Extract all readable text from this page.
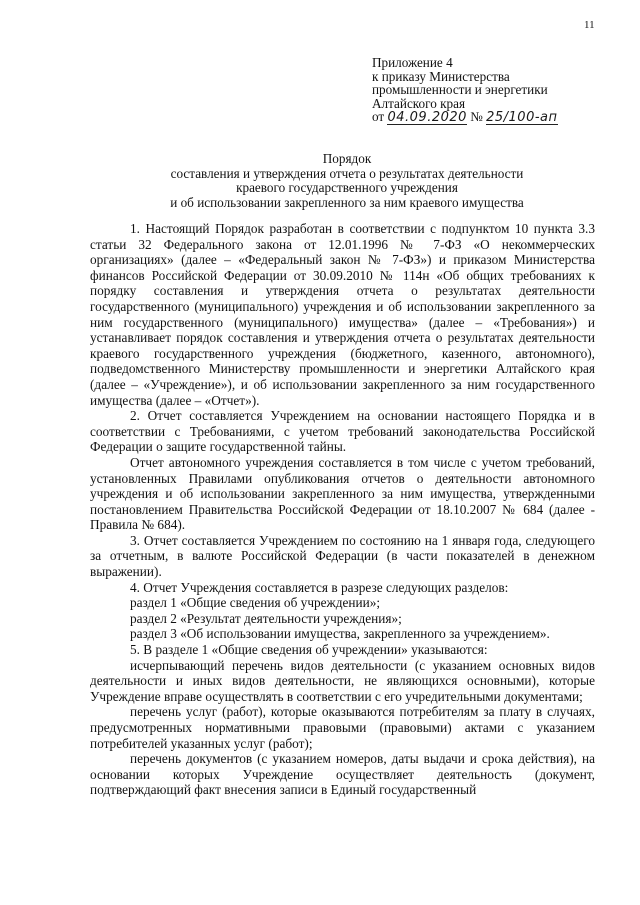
11
Приложение 4
к приказу Министерства
промышленности и энергетики
Алтайского края
от 04.09.2020 № 25/100-ап
Порядок
составления и утверждения отчета о результатах деятельности
краевого государственного учреждения
и об использовании закрепленного за ним краевого имущества

1. Настоящий Порядок разработан в соответствии с подпунктом 10 пункта 3.3 статьи 32 Федерального закона от 12.01.1996 № 7-ФЗ «О некоммерческих организациях» (далее – «Федеральный закон № 7-ФЗ») и приказом Министерства финансов Российской Федерации от 30.09.2010 № 114н «Об общих требованиях к порядку составления и утверждения отчета о результатах деятельности государственного (муниципального) учреждения и об использовании закрепленного за ним государственного (муниципального) имущества» (далее – «Требования») и устанавливает порядок составления и утверждения отчета о результатах деятельности краевого государственного учреждения (бюджетного, казенного, автономного), подведомственного Министерству промышленности и энергетики Алтайского края (далее – «Учреждение»), и об использовании закрепленного за ним государственного имущества (далее – «Отчет»).

2. Отчет составляется Учреждением на основании настоящего Порядка и в соответствии с Требованиями, с учетом требований законодательства Российской Федерации о защите государственной тайны.

Отчет автономного учреждения составляется в том числе с учетом требований, установленных Правилами опубликования отчетов о деятельности автономного учреждения и об использовании закрепленного за ним имущества, утвержденными постановлением Правительства Российской Федерации от 18.10.2007 № 684 (далее - Правила № 684).

3. Отчет составляется Учреждением по состоянию на 1 января года, следующего за отчетным, в валюте Российской Федерации (в части показателей в денежном выражении).

4. Отчет Учреждения составляется в разрезе следующих разделов:

раздел 1 «Общие сведения об учреждении»;

раздел 2 «Результат деятельности учреждения»;

раздел 3 «Об использовании имущества, закрепленного за учреждением».

5. В разделе 1 «Общие сведения об учреждении» указываются:

исчерпывающий перечень видов деятельности (с указанием основных видов деятельности и иных видов деятельности, не являющихся основными), которые Учреждение вправе осуществлять в соответствии с его учредительными документами;

перечень услуг (работ), которые оказываются потребителям за плату в случаях, предусмотренных нормативными правовыми (правовыми) актами с указанием потребителей указанных услуг (работ);

перечень документов (с указанием номеров, даты выдачи и срока действия), на основании которых Учреждение осуществляет деятельность (документ, подтверждающий факт внесения записи в Единый государственный
